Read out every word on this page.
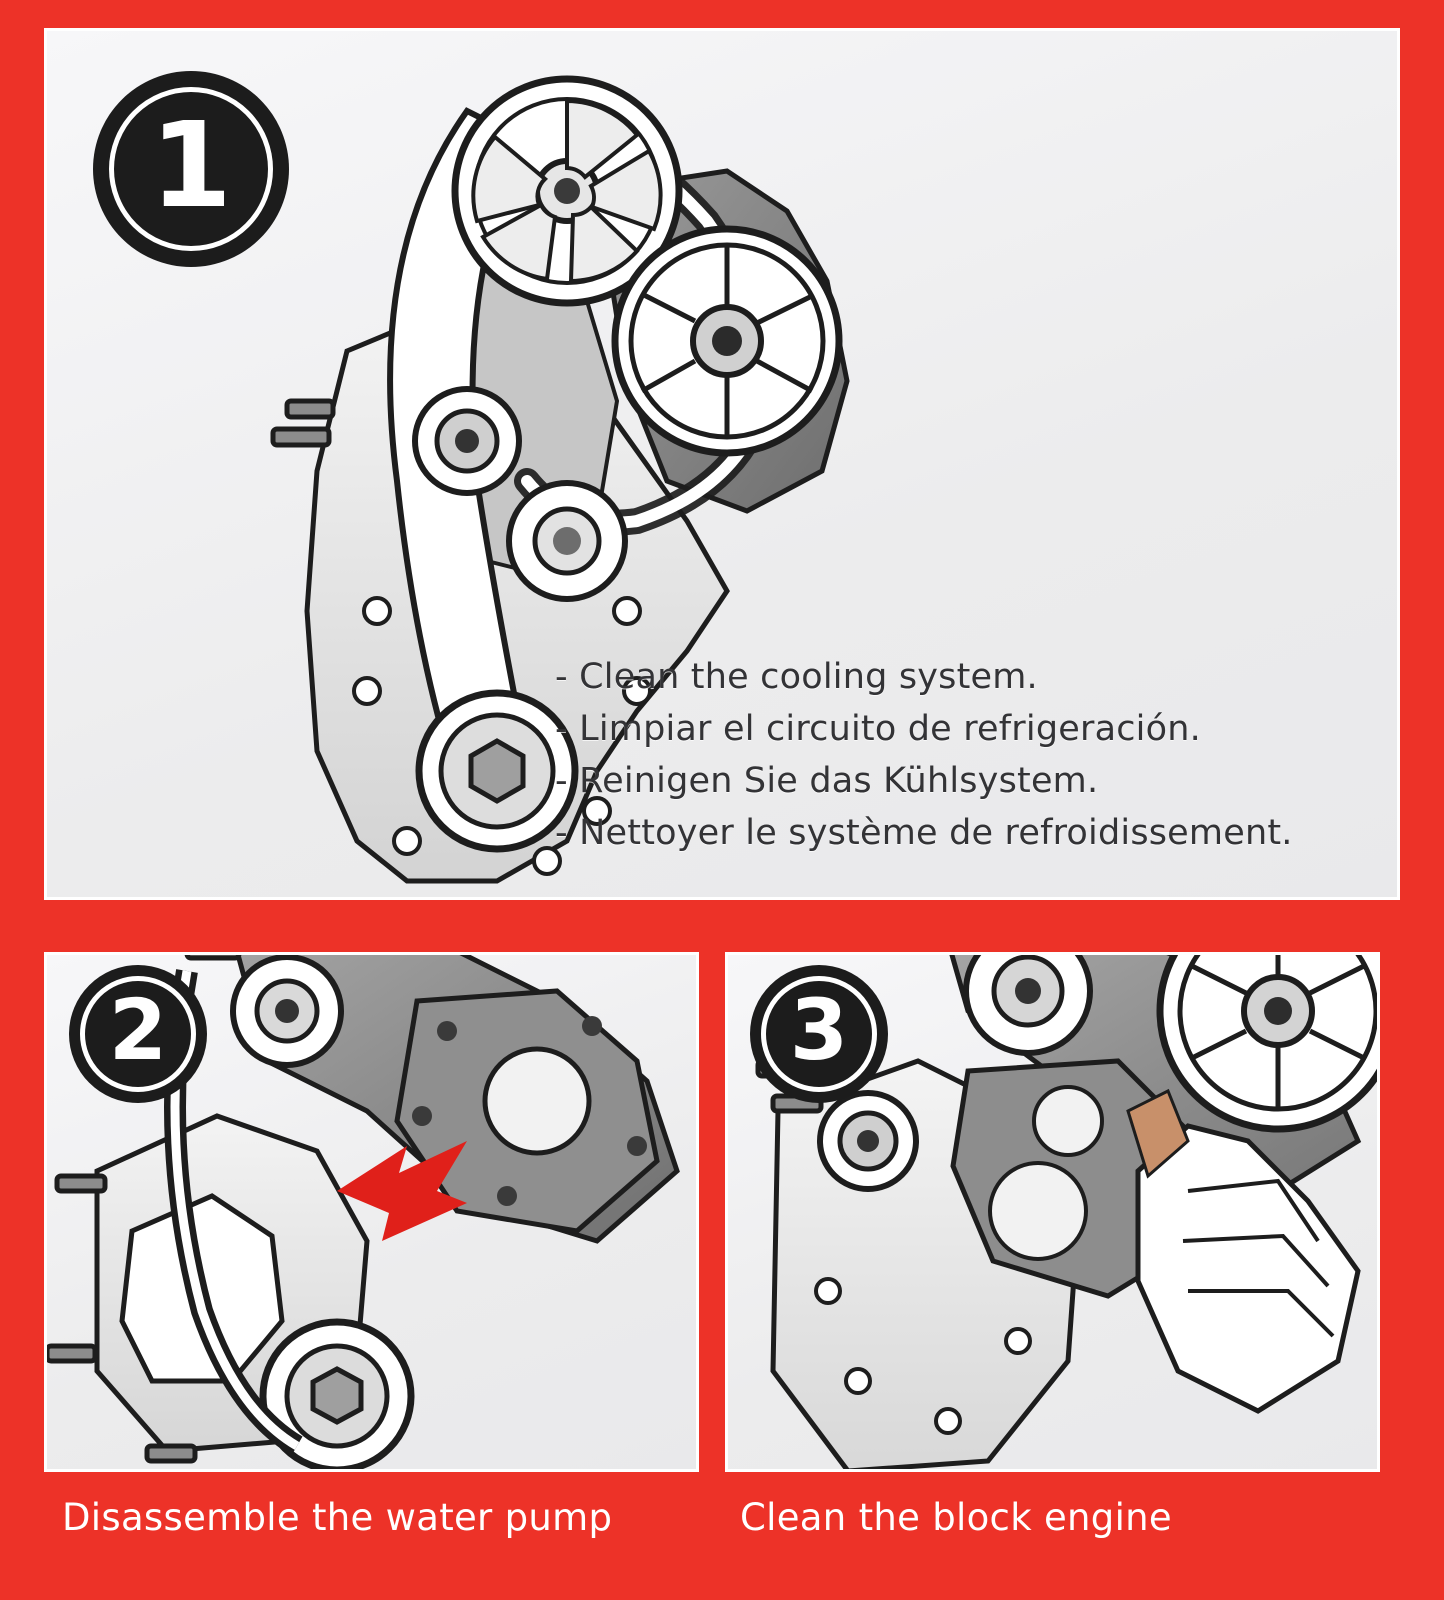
- Clean the cooling system.
- Limpiar el circuito de refrigeración.
- Reinigen Sie das Kühlsystem.
- Nettoyer le système de refroidissement.
1
2	3
Disassemble the water pump	Clean the block engine
